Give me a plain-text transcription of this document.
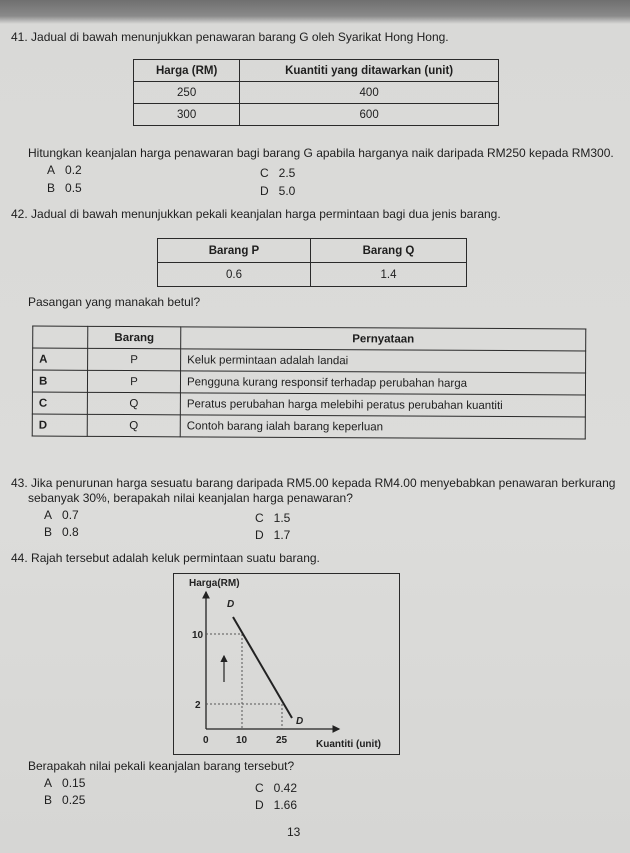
41. Jadual di bawah menunjukkan penawaran barang G oleh Syarikat Hong Hong.
Harga (RM)	Kuantiti yang ditawarkan (unit)
250	400
300	600
Hitungkan keanjalan harga penawaran bagi barang G apabila harganya naik daripada RM250 kepada RM300.
A   0.2
B   0.5
C   2.5
D   5.0
42. Jadual di bawah menunjukkan pekali keanjalan harga permintaan bagi dua jenis barang.
Barang P	Barang Q
0.6	1.4
Pasangan yang manakah betul?
	Barang	Pernyataan
A	P	Keluk permintaan adalah landai
B	P	Pengguna kurang responsif terhadap perubahan harga
C	Q	Peratus perubahan harga melebihi peratus perubahan kuantiti
D	Q	Contoh barang ialah barang keperluan
43. Jika penurunan harga sesuatu barang daripada RM5.00 kepada RM4.00 menyebabkan penawaran berkurang
sebanyak 30%, berapakah nilai keanjalan harga penawaran?
A   0.7
B   0.8
C   1.5
D   1.7
44. Rajah tersebut adalah keluk permintaan suatu barang.
Harga(RM)
D
D
10
2
0	10	25	Kuantiti (unit)
Berapakah nilai pekali keanjalan barang tersebut?
A   0.15
B   0.25
C   0.42
D   1.66
13
